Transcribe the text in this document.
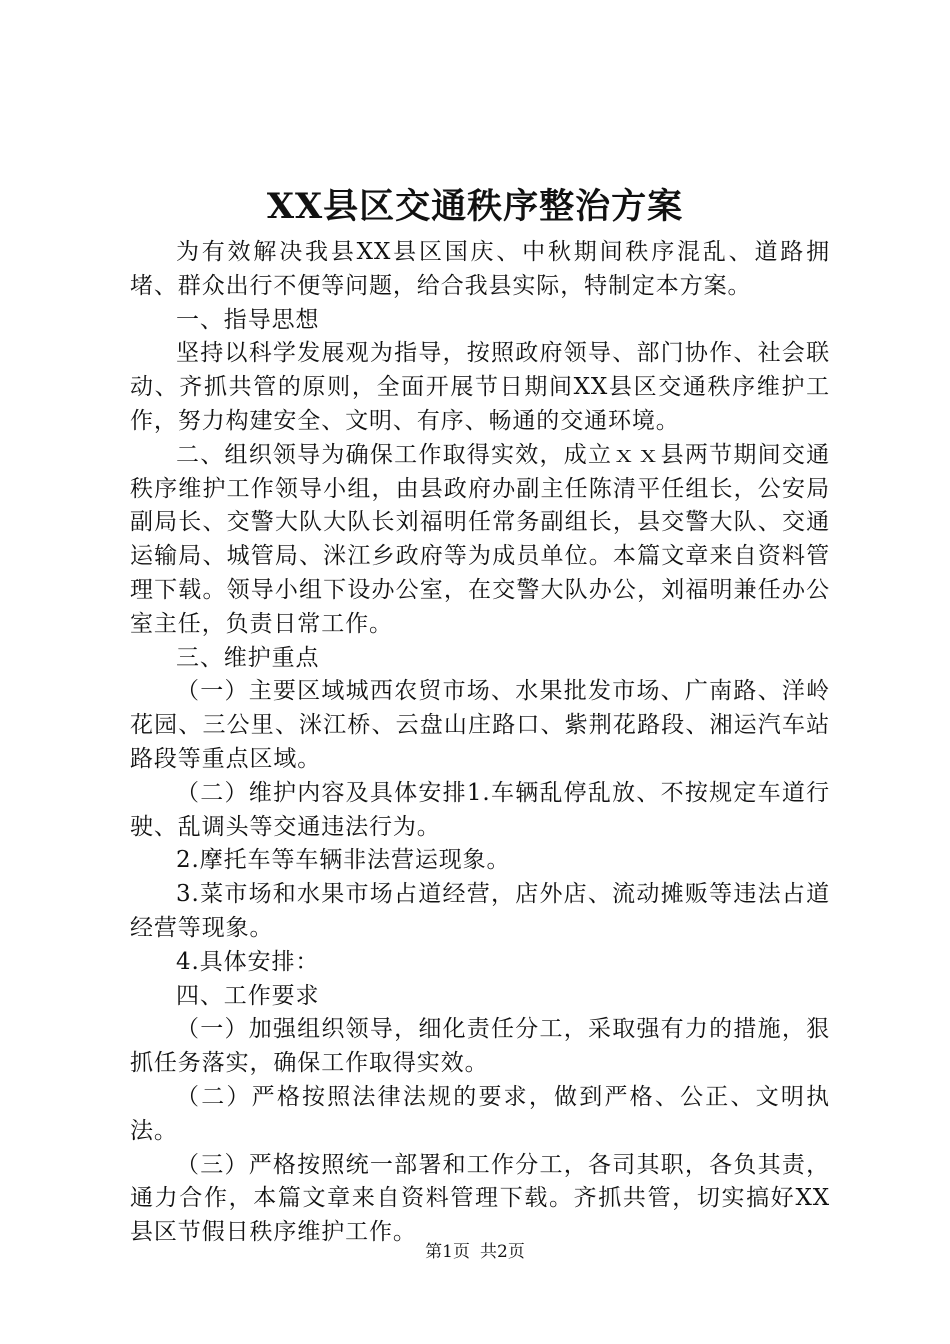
XX县区交通秩序整治方案

为有效解决我县XX县区国庆、中秋期间秩序混乱、道路拥堵、群众出行不便等问题，给合我县实际，特制定本方案。

一、指导思想

坚持以科学发展观为指导，按照政府领导、部门协作、社会联动、齐抓共管的原则，全面开展节日期间XX县区交通秩序维护工作，努力构建安全、文明、有序、畅通的交通环境。

二、组织领导为确保工作取得实效，成立ｘｘ县两节期间交通秩序维护工作领导小组，由县政府办副主任陈清平任组长，公安局副局长、交警大队大队长刘福明任常务副组长，县交警大队、交通运输局、城管局、洣江乡政府等为成员单位。本篇文章来自资料管理下载。领导小组下设办公室，在交警大队办公，刘福明兼任办公室主任，负责日常工作。

三、维护重点

（一）主要区域城西农贸市场、水果批发市场、广南路、洋岭花园、三公里、洣江桥、云盘山庄路口、紫荆花路段、湘运汽车站路段等重点区域。

（二）维护内容及具体安排1.车辆乱停乱放、不按规定车道行驶、乱调头等交通违法行为。

2.摩托车等车辆非法营运现象。

3.菜市场和水果市场占道经营，店外店、流动摊贩等违法占道经营等现象。

4.具体安排：

四、工作要求

（一）加强组织领导，细化责任分工，采取强有力的措施，狠抓任务落实，确保工作取得实效。

（二）严格按照法律法规的要求，做到严格、公正、文明执法。

（三）严格按照统一部署和工作分工，各司其职，各负其责，通力合作，本篇文章来自资料管理下载。齐抓共管，切实搞好XX县区节假日秩序维护工作。

第1页 共2页
